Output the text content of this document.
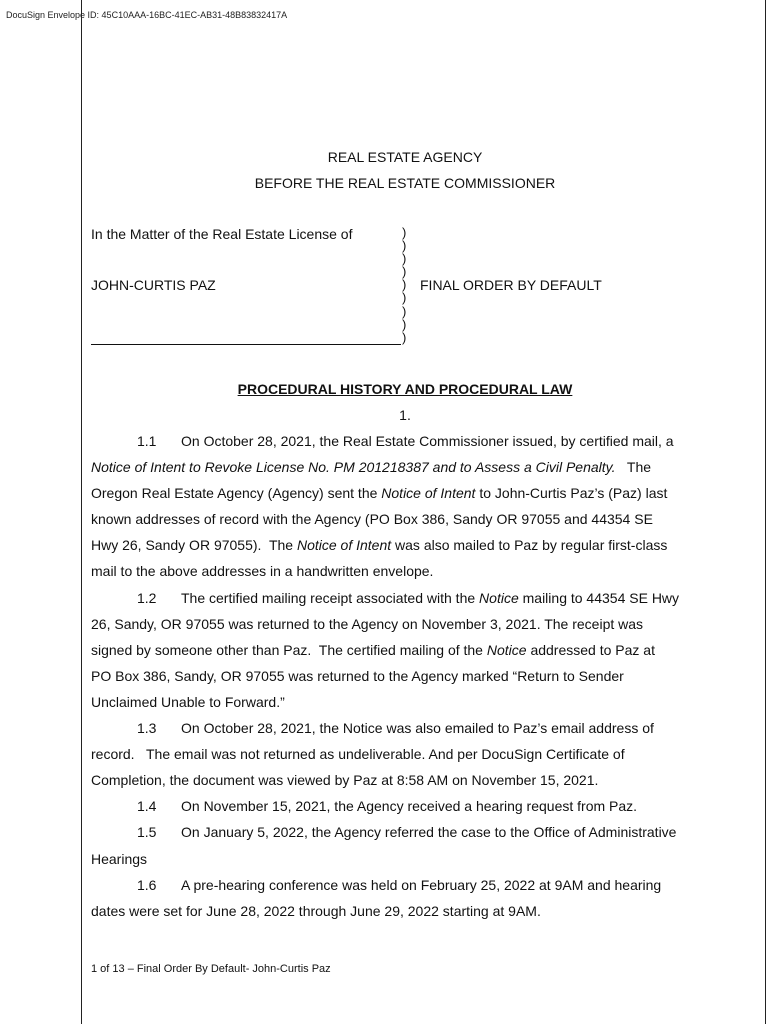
DocuSign Envelope ID: 45C10AAA-16BC-41EC-AB31-48B83832417A
REAL ESTATE AGENCY
BEFORE THE REAL ESTATE COMMISSIONER
In the Matter of the Real Estate License of
JOHN-CURTIS PAZ
)
)
)
)
)
)
)
)
)
FINAL ORDER BY DEFAULT
PROCEDURAL HISTORY AND PROCEDURAL LAW
1.

1.1 On October 28, 2021, the Real Estate Commissioner issued, by certified mail, a

Notice of Intent to Revoke License No. PM 201218387 and to Assess a Civil Penalty.   The

Oregon Real Estate Agency (Agency) sent the Notice of Intent to John-Curtis Paz’s (Paz) last

known addresses of record with the Agency (PO Box 386, Sandy OR 97055 and 44354 SE

Hwy 26, Sandy OR 97055).  The Notice of Intent was also mailed to Paz by regular first-class

mail to the above addresses in a handwritten envelope.

1.2 The certified mailing receipt associated with the Notice mailing to 44354 SE Hwy

26, Sandy, OR 97055 was returned to the Agency on November 3, 2021. The receipt was

signed by someone other than Paz.  The certified mailing of the Notice addressed to Paz at

PO Box 386, Sandy, OR 97055 was returned to the Agency marked “Return to Sender

Unclaimed Unable to Forward.”

1.3 On October 28, 2021, the Notice was also emailed to Paz’s email address of

record.   The email was not returned as undeliverable. And per DocuSign Certificate of

Completion, the document was viewed by Paz at 8:58 AM on November 15, 2021.

1.4 On November 15, 2021, the Agency received a hearing request from Paz.

1.5 On January 5, 2022, the Agency referred the case to the Office of Administrative

Hearings

1.6 A pre-hearing conference was held on February 25, 2022 at 9AM and hearing

dates were set for June 28, 2022 through June 29, 2022 starting at 9AM.

1 of 13 – Final Order By Default- John-Curtis Paz
